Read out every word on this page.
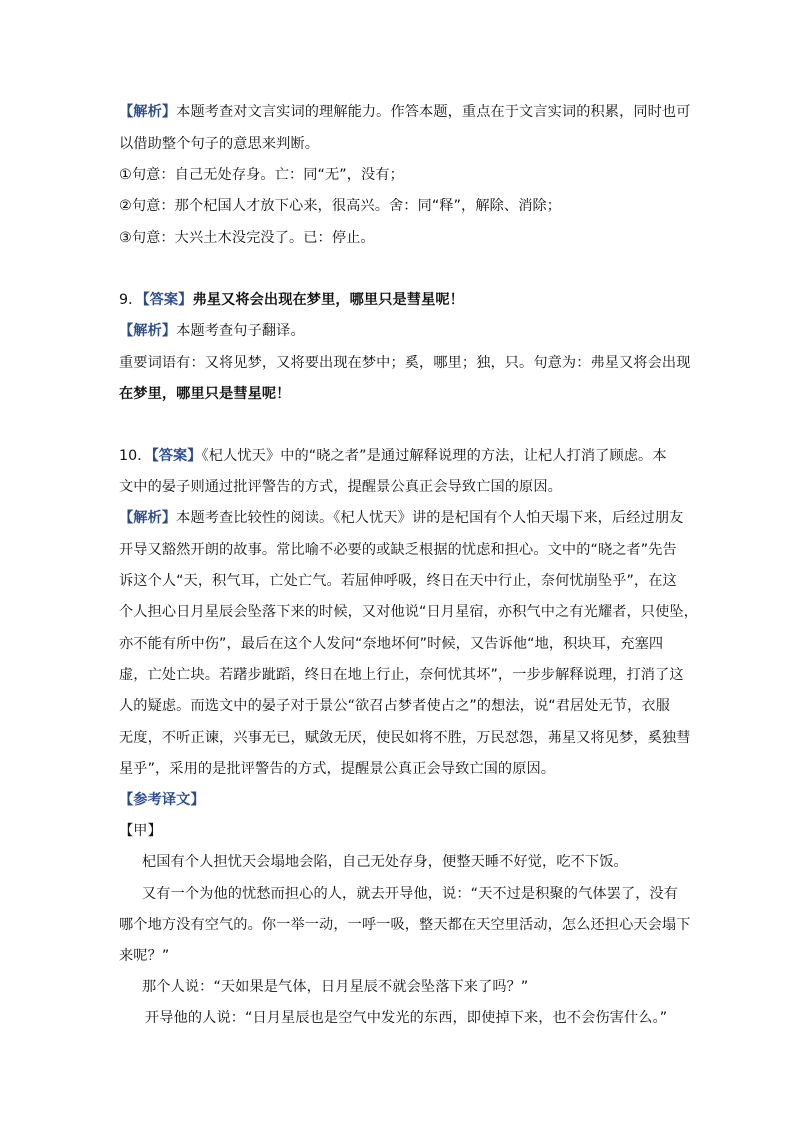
【解析】本题考查对文言实词的理解能力。作答本题，重点在于文言实词的积累，同时也可
以借助整个句子的意思来判断。
①句意：自己无处存身。亡：同“无”，没有；
②句意：那个杞国人才放下心来，很高兴。舍：同“释”，解除、消除；
③句意：大兴土木没完没了。已：停止。
9．【答案】弗星又将会出现在梦里，哪里只是彗星呢！
【解析】本题考查句子翻译。
重要词语有：又将见梦，又将要出现在梦中；奚，哪里；独，只。句意为：弗星又将会出现
在梦里，哪里只是彗星呢！
10．【答案】《杞人忧天》中的“晓之者”是通过解释说理的方法，让杞人打消了顾虑。本
文中的晏子则通过批评警告的方式，提醒景公真正会导致亡国的原因。
【解析】本题考查比较性的阅读。《杞人忧天》讲的是杞国有个人怕天塌下来，后经过朋友
开导又豁然开朗的故事。常比喻不必要的或缺乏根据的忧虑和担心。文中的“晓之者”先告
诉这个人“天，积气耳，亡处亡气。若屈伸呼吸，终日在天中行止，奈何忧崩坠乎”，在这
个人担心日月星辰会坠落下来的时候，又对他说“日月星宿，亦积气中之有光耀者，只使坠，
亦不能有所中伤”，最后在这个人发问“奈地坏何”时候，又告诉他“地，积块耳，充塞四
虚，亡处亡块。若躇步跐蹈，终日在地上行止，奈何忧其坏”，一步步解释说理，打消了这
人的疑虑。而选文中的晏子对于景公“欲召占梦者使占之”的想法，说“君居处无节，衣服
无度，不听正谏，兴事无已，赋敛无厌，使民如将不胜，万民怼怨，茀星又将见梦，奚独彗
星乎”，采用的是批评警告的方式，提醒景公真正会导致亡国的原因。
【参考译文】
【甲】
杞国有个人担忧天会塌地会陷，自己无处存身，便整天睡不好觉，吃不下饭。
又有一个为他的忧愁而担心的人，就去开导他，说：“天不过是积聚的气体罢了，没有
哪个地方没有空气的。你一举一动，一呼一吸，整天都在天空里活动，怎么还担心天会塌下
来呢？”
那个人说：“天如果是气体，日月星辰不就会坠落下来了吗？”
开导他的人说：“日月星辰也是空气中发光的东西，即使掉下来，也不会伤害什么。”
